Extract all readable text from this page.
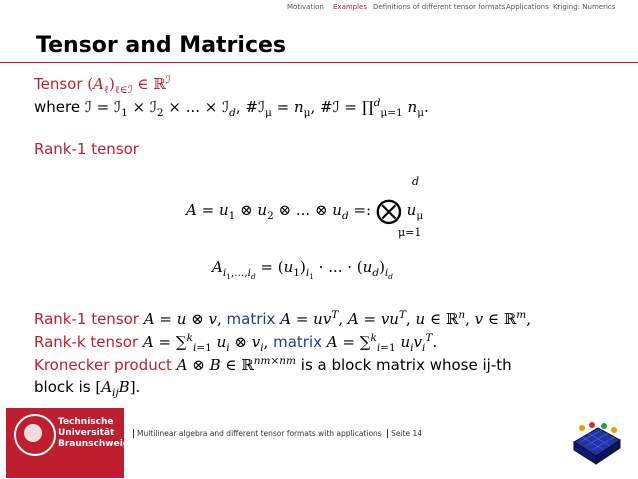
Motivation Examples Definitions of different tensor formats Applications Kriging: Numerics
Tensor and Matrices
Tensor $(A_\ell)_{\ell\in ℐ}$ ∈ ℝ$^ℐ$
where ℐ = ℐ$_1$ × ℐ$_2$ × ... × ℐ$_d$, #ℐ$_\mu$ = $n_\mu$, #ℐ = ∏$^d_{\mu=1}$ $n_\mu$.
Rank-1 tensor
$A = u_1$ ⊗ $u_2$ ⊗ ... ⊗ $u_d$ =: ⨂ $u_\mu$
d
μ=1
$A_{i_1,...,i_d} = (u_1)_{i_1}$ · ... · $(u_d)_{i_d}$
Rank-1 tensor A = u ⊗ v, matrix $A = uv^T$, $A = vu^T$, u ∈ ℝ$^n$, v ∈ ℝ$^m$,
Rank-k tensor A = ∑$^k_{i=1}$ $u_i$ ⊗ $v_i$, matrix A = ∑$^k_{i=1}$ $u_iv_i^T$.
Kronecker product A ⊗ B ∈ ℝ$^{nm\times nm}$ is a block matrix whose ij-th
block is $[A_{ij}B]$.
Technische
Universität
Braunschweig
Multilinear algebra and different tensor formats with applications Seite 14
